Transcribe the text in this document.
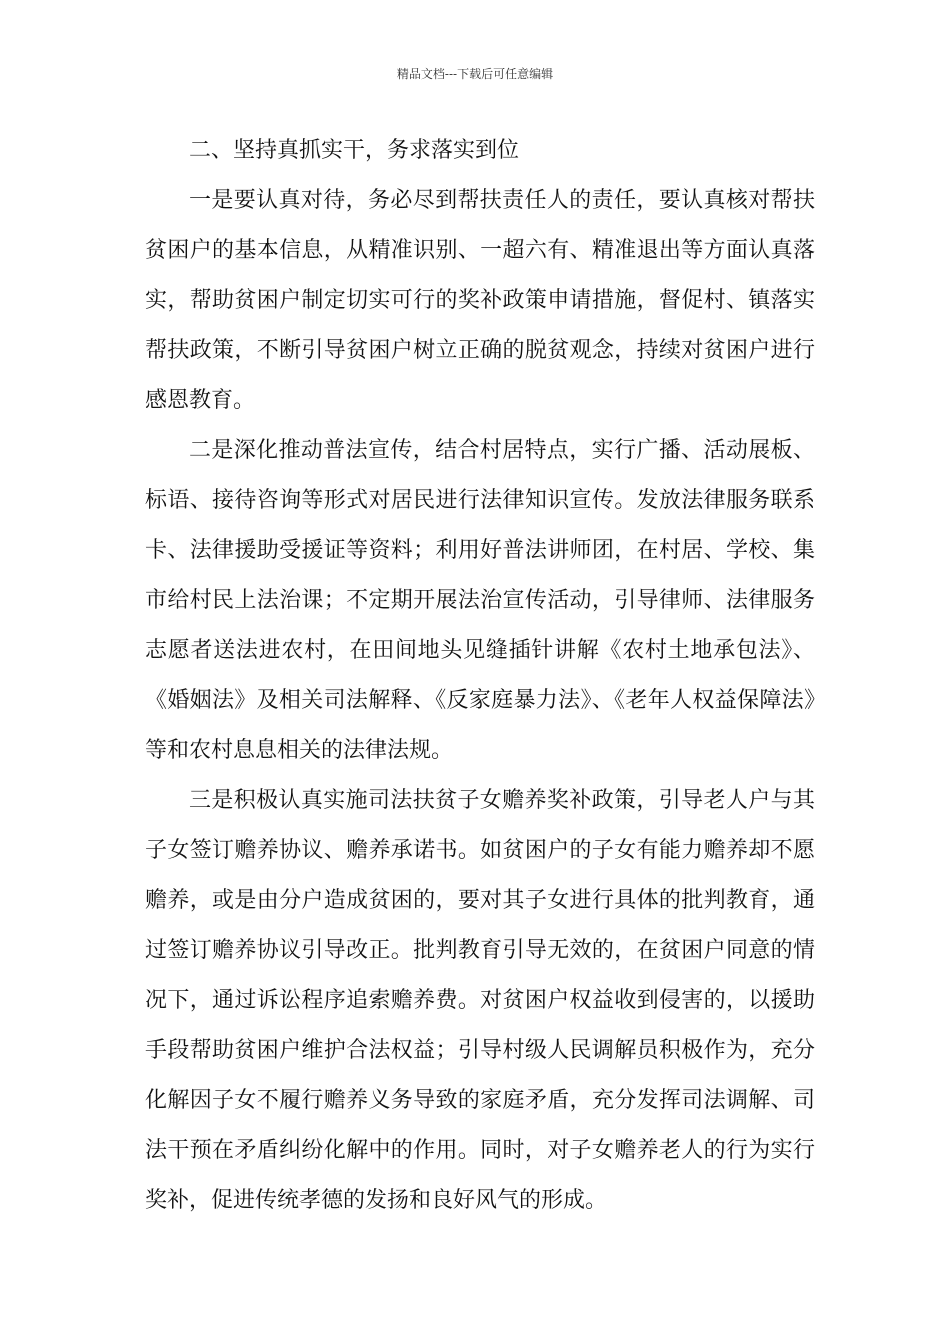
精品文档---下载后可任意编辑

二、坚持真抓实干，务求落实到位

一是要认真对待，务必尽到帮扶责任人的责任，要认真核对帮扶贫困户的基本信息，从精准识别、一超六有、精准退出等方面认真落实，帮助贫困户制定切实可行的奖补政策申请措施，督促村、镇落实帮扶政策，不断引导贫困户树立正确的脱贫观念，持续对贫困户进行感恩教育。

二是深化推动普法宣传，结合村居特点，实行广播、活动展板、标语、接待咨询等形式对居民进行法律知识宣传。发放法律服务联系卡、法律援助受援证等资料；利用好普法讲师团，在村居、学校、集市给村民上法治课；不定期开展法治宣传活动，引导律师、法律服务志愿者送法进农村，在田间地头见缝插针讲解《农村土地承包法》、《婚姻法》及相关司法解释、《反家庭暴力法》、《老年人权益保障法》等和农村息息相关的法律法规。

三是积极认真实施司法扶贫子女赡养奖补政策，引导老人户与其子女签订赡养协议、赡养承诺书。如贫困户的子女有能力赡养却不愿赡养，或是由分户造成贫困的，要对其子女进行具体的批判教育，通过签订赡养协议引导改正。批判教育引导无效的，在贫困户同意的情况下，通过诉讼程序追索赡养费。对贫困户权益收到侵害的，以援助手段帮助贫困户维护合法权益；引导村级人民调解员积极作为，充分化解因子女不履行赡养义务导致的家庭矛盾，充分发挥司法调解、司法干预在矛盾纠纷化解中的作用。同时，对子女赡养老人的行为实行奖补，促进传统孝德的发扬和良好风气的形成。
